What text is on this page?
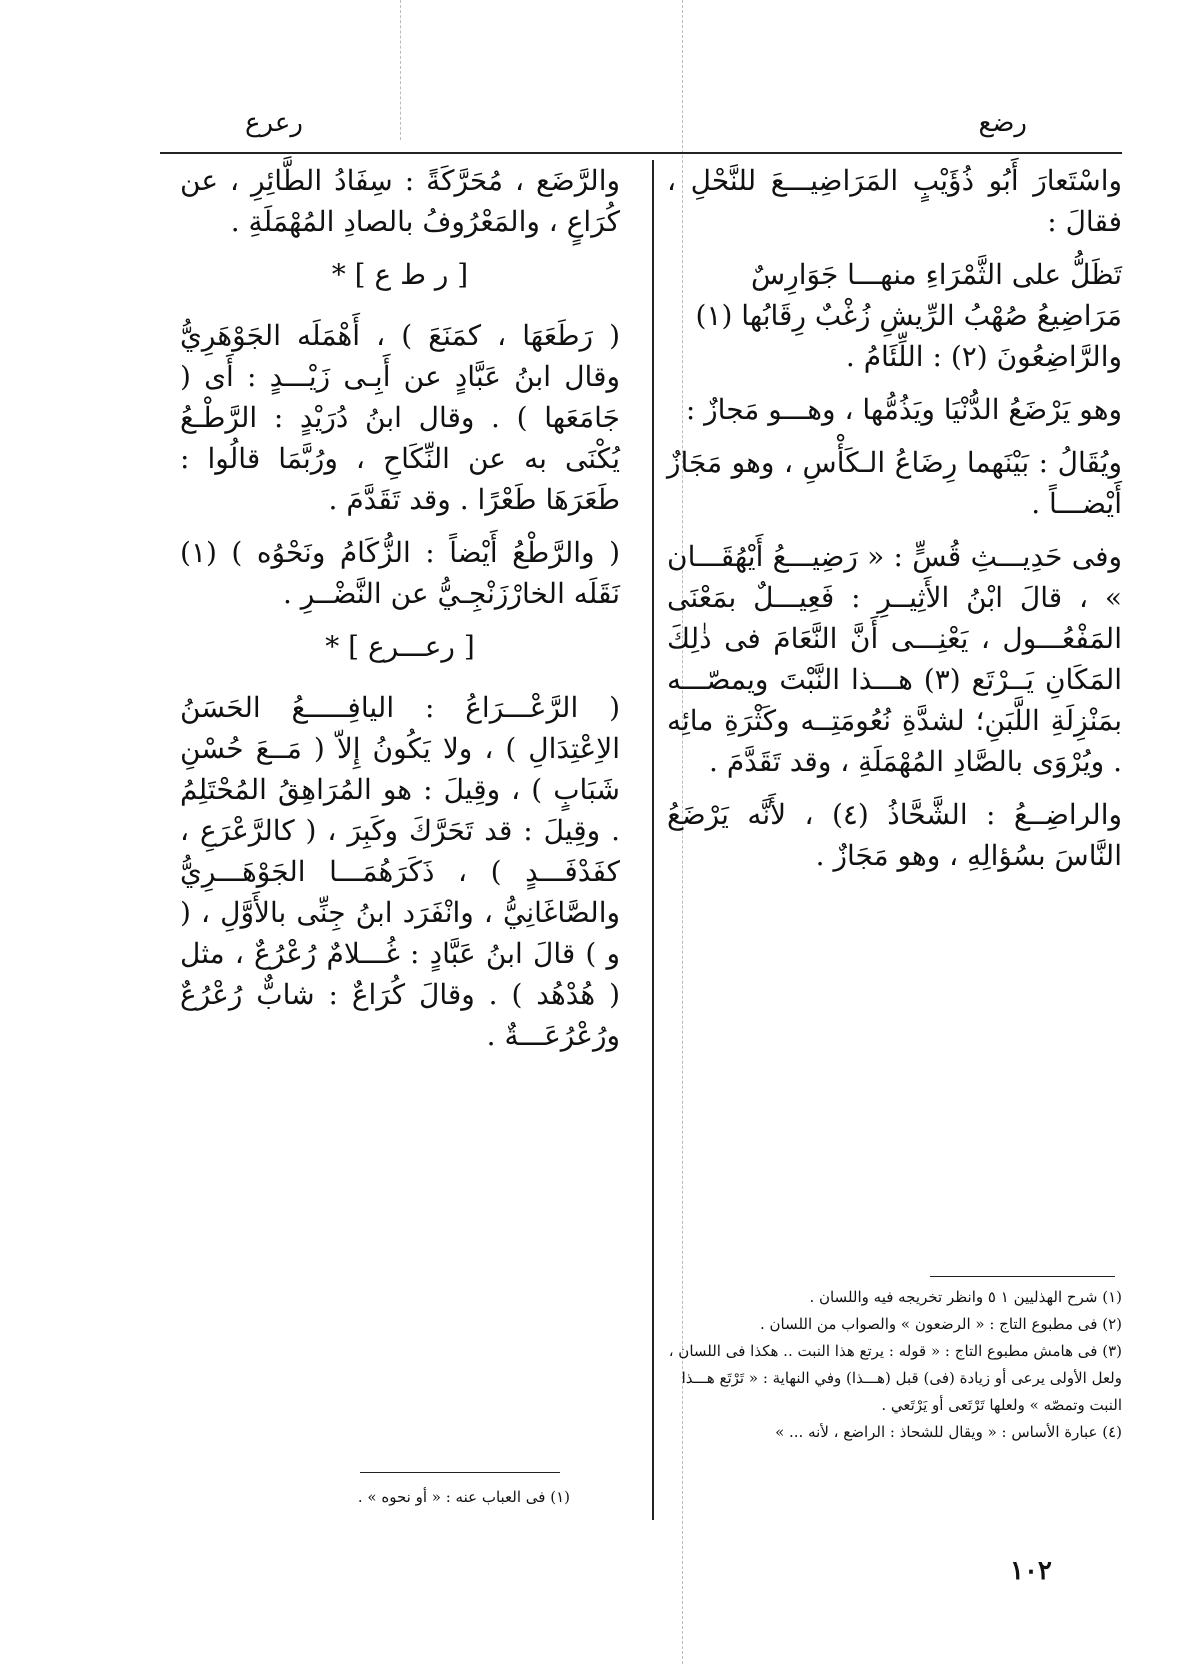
رضع
رعرع

واسْتَعارَ أَبُو ذُؤَيْبٍ المَرَاضِيـــعَ للنَّحْلِ ، فقالَ :

تَظَلُّ على الثَّمْرَاءِ منهـــا جَوَارِسٌ

مَرَاضِيعُ صُهْبُ الرِّيشِ زُغْبٌ رِقَابُها (١)

والرَّاضِعُونَ (٢) : اللِّئَامُ .

وهو يَرْضَعُ الدُّنْيَا ويَذُمُّها ، وهـــو مَجازٌ :

ويُقَالُ : بَيْنَهما رِضَاعُ الـكَأْسِ ، وهو مَجَازٌ أَيْضـــاً .

وفى حَدِيـــثِ قُسٍّ : « رَضِيـــعُ أَيْهُقَـــان » ، قالَ ابْنُ الأَثِيــرِ : فَعِيـــلٌ بمَعْنَى المَفْعُـــول ، يَعْنِـــى أَنَّ النَّعَامَ فى ذٰلِكَ المَكَانِ يَــرْتَع (٣) هـــذا النَّبْتَ ويمصّـــه بمَنْزِلَةِ اللَّبَنِ؛ لشدَّةِ نُعُومَتِــه وكَثْرَةِ مائِه . ويُرْوَى بالصَّادِ المُهْمَلَةِ ، وقد تَقَدَّمَ .

والراضِــعُ : الشَّحَّاذُ (٤) ، لأَنَّه يَرْضَعُ النَّاسَ بسُؤالِهِ ، وهو مَجَازٌ .

(١) شرح الهذليين ١ ٥ وانظر تخريجه فيه واللسان .
(٢) فى مطبوع التاج : « الرضعون » والصواب من اللسان .
(٣) فى هامش مطبوع التاج : « قوله : يرتع هذا النبت .. هكذا فى اللسان ، ولعل الأولى يرعى أو زيادة (فى) قبل (هـــذا) وفي النهاية : « تَرْتَع هـــذا النبت وتمصّه » ولعلها تَرْتَعى أو يَرْتَعي .
(٤) عبارة الأساس : « ويقال للشحاذ : الراضع ، لأنه ... »

والرَّضَع ، مُحَرَّكَةً : سِفَادُ الطَّائِرِ ، عن كُرَاعٍ ، والمَعْرُوفُ بالصادِ المُهْمَلَةِ .

[ ر ط ع ] *

( رَطَعَهَا ، كمَنَعَ ) ، أَهْمَلَه الجَوْهَرِيُّ وقال ابنُ عَبَّادٍ عن أَبِـى زَيْـــدٍ : أَى ( جَامَعَها ) . وقال ابنُ دُرَيْدٍ : الرَّطْـعُ يُكْنَى به عن النِّكَاحِ ، ورُبَّمَا قالُوا : طَعَرَهَا طَعْرًا . وقد تَقَدَّمَ .

( والرَّطْعُ أَيْضاً : الزُّكَامُ ونَحْوُه ) (١) نَقَلَه الخارْزَنْجِـيُّ عن النَّضْــرِ .

[ رعـــرع ] *

( الرَّعْـــرَاعُ : اليافِـــــعُ الحَسَنُ الاِعْتِدَالِ ) ، ولا يَكُونُ إِلاّ ( مَــعَ حُسْنِ شَبَابٍ ) ، وقِيلَ : هو المُرَاهِقُ المُحْتَلِمُ . وقِيلَ : قد تَحَرَّكَ وكَبِرَ ، ( كالرَّعْرَعِ ، كفَدْفَـــدٍ ) ، ذَكَرَهُمَـــا الجَوْهَـــرِيُّ والصَّاغَانِيُّ ، وانْفَرَد ابنُ جِنِّى بالأَوَّلِ ، ( و ) قالَ ابنُ عَبَّادٍ : غُـــلامٌ رُعْرُعٌ ، مثل ( هُدْهُد ) . وقالَ كُرَاعٌ : شابٌّ رُعْرُعٌ ورُعْرُعَـــةٌ .

(١) فى العباب عنه : « أو نحوه » .
١٠٢
